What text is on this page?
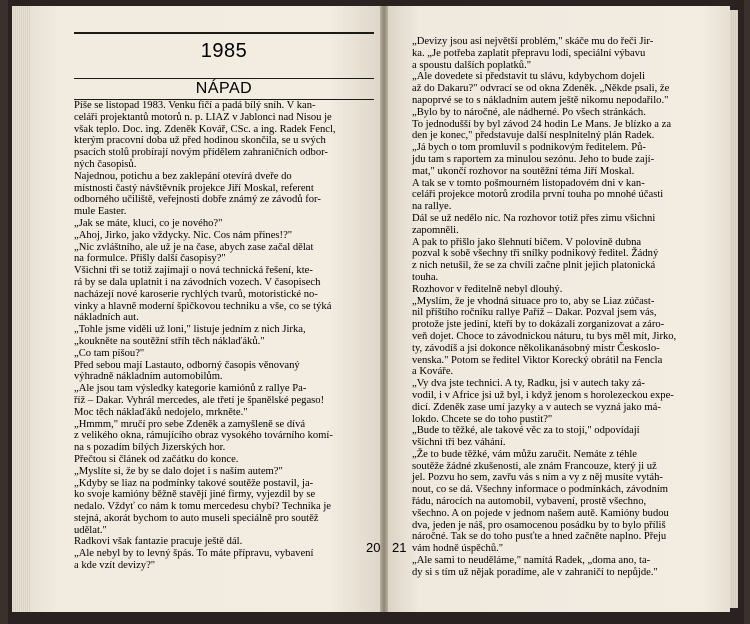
1985
NÁPAD
Píše se listopad 1983. Venku fičí a padá bílý sníh. V kan-
celáři projektantů motorů n. p. LIAZ v Jablonci nad Nisou je
však teplo. Doc. ing. Zdeněk Kovář, CSc. a ing. Radek Fencl,
kterým pracovní doba už před hodinou skončila, se u svých
psacích stolů probírají novým přídělem zahraničních odbor-
ných časopisů.
Najednou, potichu a bez zaklepání otevírá dveře do
místnosti častý návštěvník projekce Jiří Moskal, referent
odborného učiliště, veřejnosti dobře známý ze závodů for-
mule Easter.
„Jak se máte, kluci, co je nového?"
„Ahoj, Jirko, jako vždycky. Nic. Cos nám přines!?"
„Nic zvláštního, ale už je na čase, abych zase začal dělat
na formulce. Přišly další časopisy?"
Všichni tři se totiž zajímají o nová technická řešení, kte-
rá by se dala uplatnit i na závodních vozech. V časopisech
nacházejí nové karoserie rychlých tvarů, motoristické no-
vinky a hlavně moderní špičkovou techniku a vše, co se týká
nákladních aut.
„Tohle jsme viděli už loni," listuje jedním z nich Jirka,
„koukněte na soutěžní stříh těch náklaďáků."
„Co tam píšou?"
Před sebou mají Lastauto, odborný časopis věnovaný
výhradně nákladním automobilům.
„Ale jsou tam výsledky kategorie kamiónů z rallye Pa-
říž – Dakar. Vyhrál mercedes, ale třetí je španělské pegaso!
Moc těch náklaďáků nedojelo, mrkněte."
„Hmmm," mručí pro sebe Zdeněk a zamyšleně se dívá
z velikého okna, rámujícího obraz vysokého továrního komí-
na s pozadím bílých Jizerských hor.
Přečtou si článek od začátku do konce.
„Myslíte si, že by se dalo dojet i s naším autem?"
„Kdyby se liaz na podmínky takové soutěže postavil, ja-
ko svoje kamióny běžně stavějí jiné firmy, vyjezdil by se
nedalo. Vždyť co nám k tomu mercedesu chybí? Technika je
stejná, akorát bychom to auto museli speciálně pro soutěž
udělat."
Radkovi však fantazie pracuje ještě dál.
„Ale nebyl by to levný špás. To máte přípravu, vybavení
a kde vzít devizy?"
„Devizy jsou asi největší problém," skáče mu do řeči Jir-
ka. „Je potřeba zaplatit přepravu lodí, speciální výbavu
a spoustu dalších poplatků."
„Ale dovedete si představit tu slávu, kdybychom dojeli
až do Dakaru?" odvrací se od okna Zdeněk. „Někde psali, že
napoprvé se to s nákladním autem ještě nikomu nepodařilo."
„Bylo by to náročné, ale nádherné. Po všech stránkách.
To jednodušší by byl závod 24 hodin Le Mans. Je blízko a za
den je konec," představuje další nesplnitelný plán Radek.
„Já bych o tom promluvil s podnikovým ředitelem. Pů-
jdu tam s raportem za minulou sezónu. Jeho to bude zají-
mat," ukončí rozhovor na soutěžní téma Jiří Moskal.
A tak se v tomto pošmourném listopadovém dni v kan-
celáři projekce motorů zrodila první touha po mnohé účasti
na rallye.
Dál se už nedělo nic. Na rozhovor totiž přes zimu všichni
zapomněli.
A pak to přišlo jako šlehnutí bičem. V polovině dubna
pozval k sobě všechny tři snílky podnikový ředitel. Žádný
z nich netušil, že se za chvíli začne plnit jejich platonická
touha.
Rozhovor v ředitelně nebyl dlouhý.
„Myslím, že je vhodná situace pro to, aby se Liaz zúčast-
nil příštího ročníku rallye Paříž – Dakar. Pozval jsem vás,
protože jste jediní, kteří by to dokázali zorganizovat a záro-
veň dojet. Choce to závodnickou náturu, tu bys měl mít, Jirko,
ty, závodíš a jsi dokonce několikanásobný mistr Českoslo-
venska." Potom se ředitel Viktor Korecký obrátil na Fencla
a Kováře.
„Vy dva jste technici. A ty, Radku, jsi v autech taky zá-
vodil, i v Africe jsi už byl, i když jenom s horolezeckou expe-
dicí. Zdeněk zase umí jazyky a v autech se vyzná jako má-
lokdo. Chcete se do toho pustit?"
„Bude to těžké, ale takové věc za to stojí," odpovídají
všichni tři bez váhání.
„Že to bude těžké, vám můžu zaručit. Nemáte z téhle
soutěže žádné zkušenosti, ale znám Francouze, který ji už
jel. Pozvu ho sem, zavřu vás s ním a vy z něj musíte vytáh-
nout, co se dá. Všechny informace o podmínkách, závodním
řádu, nárocích na automobil, vybavení, prostě všechno,
všechno. A on pojede v jednom našem autě. Kamióny budou
dva, jeden je náš, pro osamocenou posádku by to bylo příliš
náročné. Tak se do toho pusťte a hned začněte naplno. Přeju
vám hodně úspěchů."
„Ale sami to neuděláme," namítá Radek, „doma ano, ta-
dy si s tím už nějak poradíme, ale v zahraničí to nepůjde."
20 21
